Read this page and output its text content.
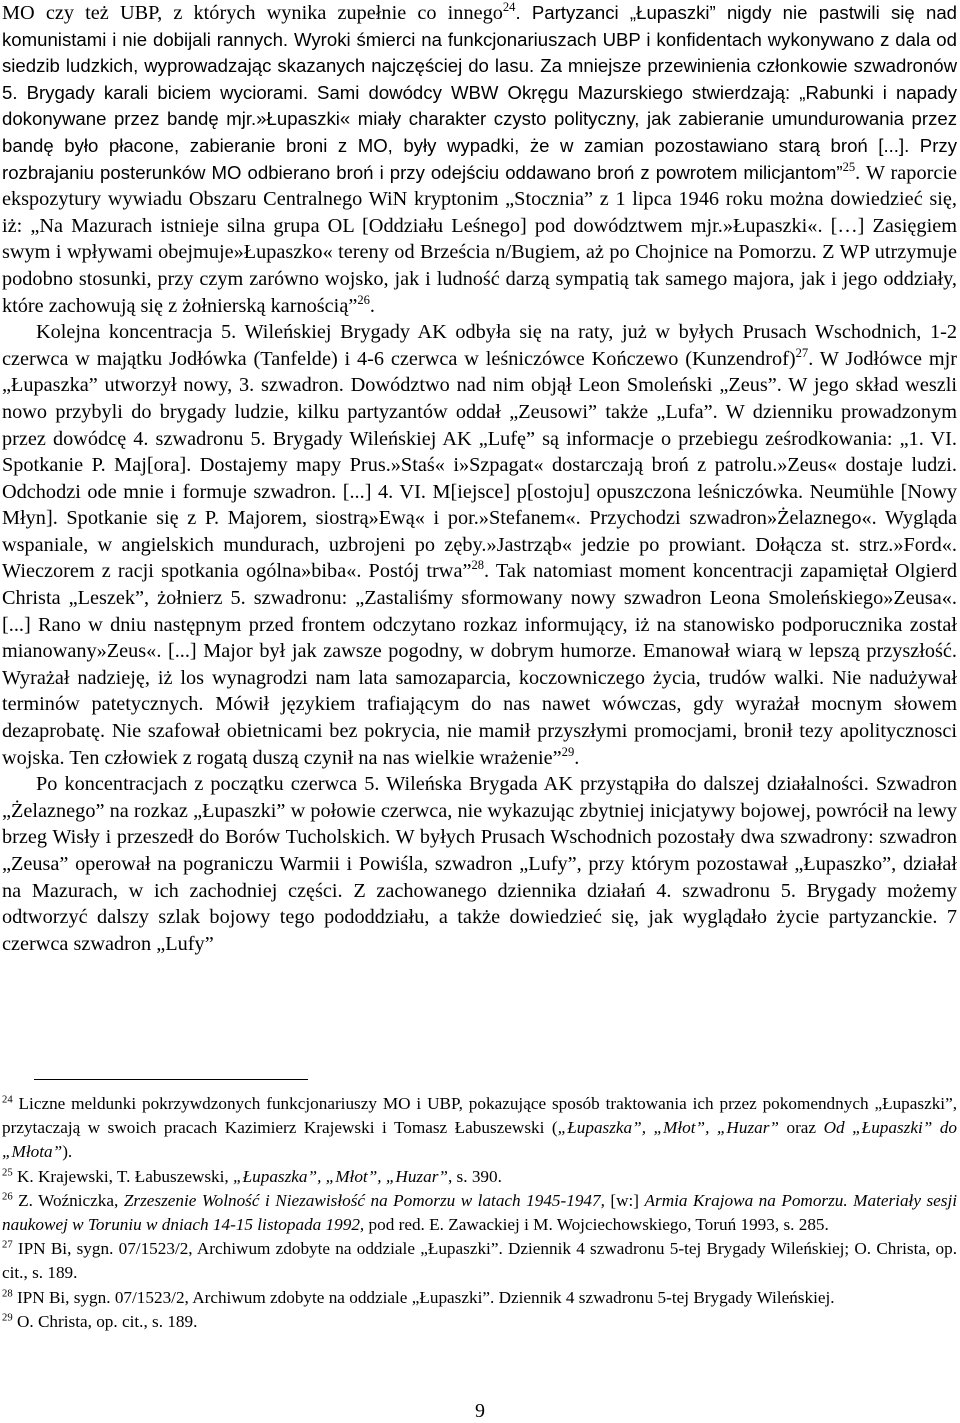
MO czy też UBP, z których wynika zupełnie co innego$^{24}$. Partyzanci „Łupaszki” nigdy nie pastwili się nad komunistami i nie dobijali rannych. Wyroki śmierci na funkcjonariuszach UBP i konfidentach wykonywano z dala od siedzib ludzkich, wyprowadzając skazanych najczęściej do lasu. Za mniejsze przewinienia członkowie szwadronów 5. Brygady karali biciem wyciorami. Sami dowódcy WBW Okręgu Mazurskiego stwierdzają: „Rabunki i napady dokonywane przez bandę mjr.»Łupaszki« miały charakter czysto polityczny, jak zabieranie umundurowania przez bandę było płacone, zabieranie broni z MO, były wypadki, że w zamian pozostawiano starą broń [...]. Przy rozbrajaniu posterunków MO odbierano broń i przy odejściu oddawano broń z powrotem milicjantom”$^{25}$. W raporcie ekspozytury wywiadu Obszaru Centralnego WiN kryptonim „Stocznia” z 1 lipca 1946 roku można dowiedzieć się, iż: „Na Mazurach istnieje silna grupa OL [Oddziału Leśnego] pod dowództwem mjr.»Łupaszki«. […] Zasięgiem swym i wpływami obejmuje»Łupaszko« tereny od Brześcia n/Bugiem, aż po Chojnice na Pomorzu. Z WP utrzymuje podobno stosunki, przy czym zarówno wojsko, jak i ludność darzą sympatią tak samego majora, jak i jego oddziały, które zachowują się z żołnierską karnością”$^{26}$.

Kolejna koncentracja 5. Wileńskiej Brygady AK odbyła się na raty, już w byłych Prusach Wschodnich, 1-2 czerwca w majątku Jodłówka (Tanfelde) i 4-6 czerwca w leśniczówce Kończewo (Kunzendrof)$^{27}$. W Jodłówce mjr „Łupaszka” utworzył nowy, 3. szwadron. Dowództwo nad nim objął Leon Smoleński „Zeus”. W jego skład weszli nowo przybyli do brygady ludzie, kilku partyzantów oddał „Zeusowi” także „Lufa”. W dzienniku prowadzonym przez dowódcę 4. szwadronu 5. Brygady Wileńskiej AK „Lufę” są informacje o przebiegu ześrodkowania: „1. VI. Spotkanie P. Maj[ora]. Dostajemy mapy Prus.»Staś« i»Szpagat« dostarczają broń z patrolu.»Zeus« dostaje ludzi. Odchodzi ode mnie i formuje szwadron. [...] 4. VI. M[iejsce] p[ostoju] opuszczona leśniczówka. Neumühle [Nowy Młyn]. Spotkanie się z P. Majorem, siostrą»Ewą« i por.»Stefanem«. Przychodzi szwadron»Żelaznego«. Wygląda wspaniale, w angielskich mundurach, uzbrojeni po zęby.»Jastrząb« jedzie po prowiant. Dołącza st. strz.»Ford«. Wieczorem z racji spotkania ogólna»biba«. Postój trwa”$^{28}$. Tak natomiast moment koncentracji zapamiętał Olgierd Christa „Leszek”, żołnierz 5. szwadronu: „Zastaliśmy sformowany nowy szwadron Leona Smoleńskiego»Zeusa«. [...] Rano w dniu następnym przed frontem odczytano rozkaz informujący, iż na stanowisko podporucznika został mianowany»Zeus«. [...] Major był jak zawsze pogodny, w dobrym humorze. Emanował wiarą w lepszą przyszłość. Wyrażał nadzieję, iż los wynagrodzi nam lata samozaparcia, koczowniczego życia, trudów walki. Nie nadużywał terminów patetycznych. Mówił językiem trafiającym do nas nawet wówczas, gdy wyrażał mocnym słowem dezaprobatę. Nie szafował obietnicami bez pokrycia, nie mamił przyszłymi promocjami, bronił tezy apolitycznosci wojska. Ten człowiek z rogatą duszą czynił na nas wielkie wrażenie”$^{29}$.

Po koncentracjach z początku czerwca 5. Wileńska Brygada AK przystąpiła do dalszej działalności. Szwadron „Żelaznego” na rozkaz „Łupaszki” w połowie czerwca, nie wykazując zbytniej inicjatywy bojowej, powrócił na lewy brzeg Wisły i przeszedł do Borów Tucholskich. W byłych Prusach Wschodnich pozostały dwa szwadrony: szwadron „Zeusa” operował na pograniczu Warmii i Powiśla, szwadron „Lufy”, przy którym pozostawał „Łupaszko”, działał na Mazurach, w ich zachodniej części. Z zachowanego dziennika działań 4. szwadronu 5. Brygady możemy odtworzyć dalszy szlak bojowy tego pododdziału, a także dowiedzieć się, jak wyglądało życie partyzanckie. 7 czerwca szwadron „Lufy”

$^{24}$ Liczne meldunki pokrzywdzonych funkcjonariuszy MO i UBP, pokazujące sposób traktowania ich przez pokomendnych „Łupaszki”, przytaczają w swoich pracach Kazimierz Krajewski i Tomasz Łabuszewski („Łupaszka”, „Młot”, „Huzar” oraz Od „Łupaszki” do „Młota”).

$^{25}$ K. Krajewski, T. Łabuszewski, „Łupaszka”, „Młot”, „Huzar”, s. 390.

$^{26}$ Z. Woźniczka, Zrzeszenie Wolność i Niezawisłość na Pomorzu w latach 1945-1947, [w:] Armia Krajowa na Pomorzu. Materiały sesji naukowej w Toruniu w dniach 14-15 listopada 1992, pod red. E. Zawackiej i M. Wojciechowskiego, Toruń 1993, s. 285.

$^{27}$ IPN Bi, sygn. 07/1523/2, Archiwum zdobyte na oddziale „Łupaszki”. Dziennik 4 szwadronu 5-tej Brygady Wileńskiej; O. Christa, op. cit., s. 189.

$^{28}$ IPN Bi, sygn. 07/1523/2, Archiwum zdobyte na oddziale „Łupaszki”. Dziennik 4 szwadronu 5-tej Brygady Wileńskiej.

$^{29}$ O. Christa, op. cit., s. 189.

9
